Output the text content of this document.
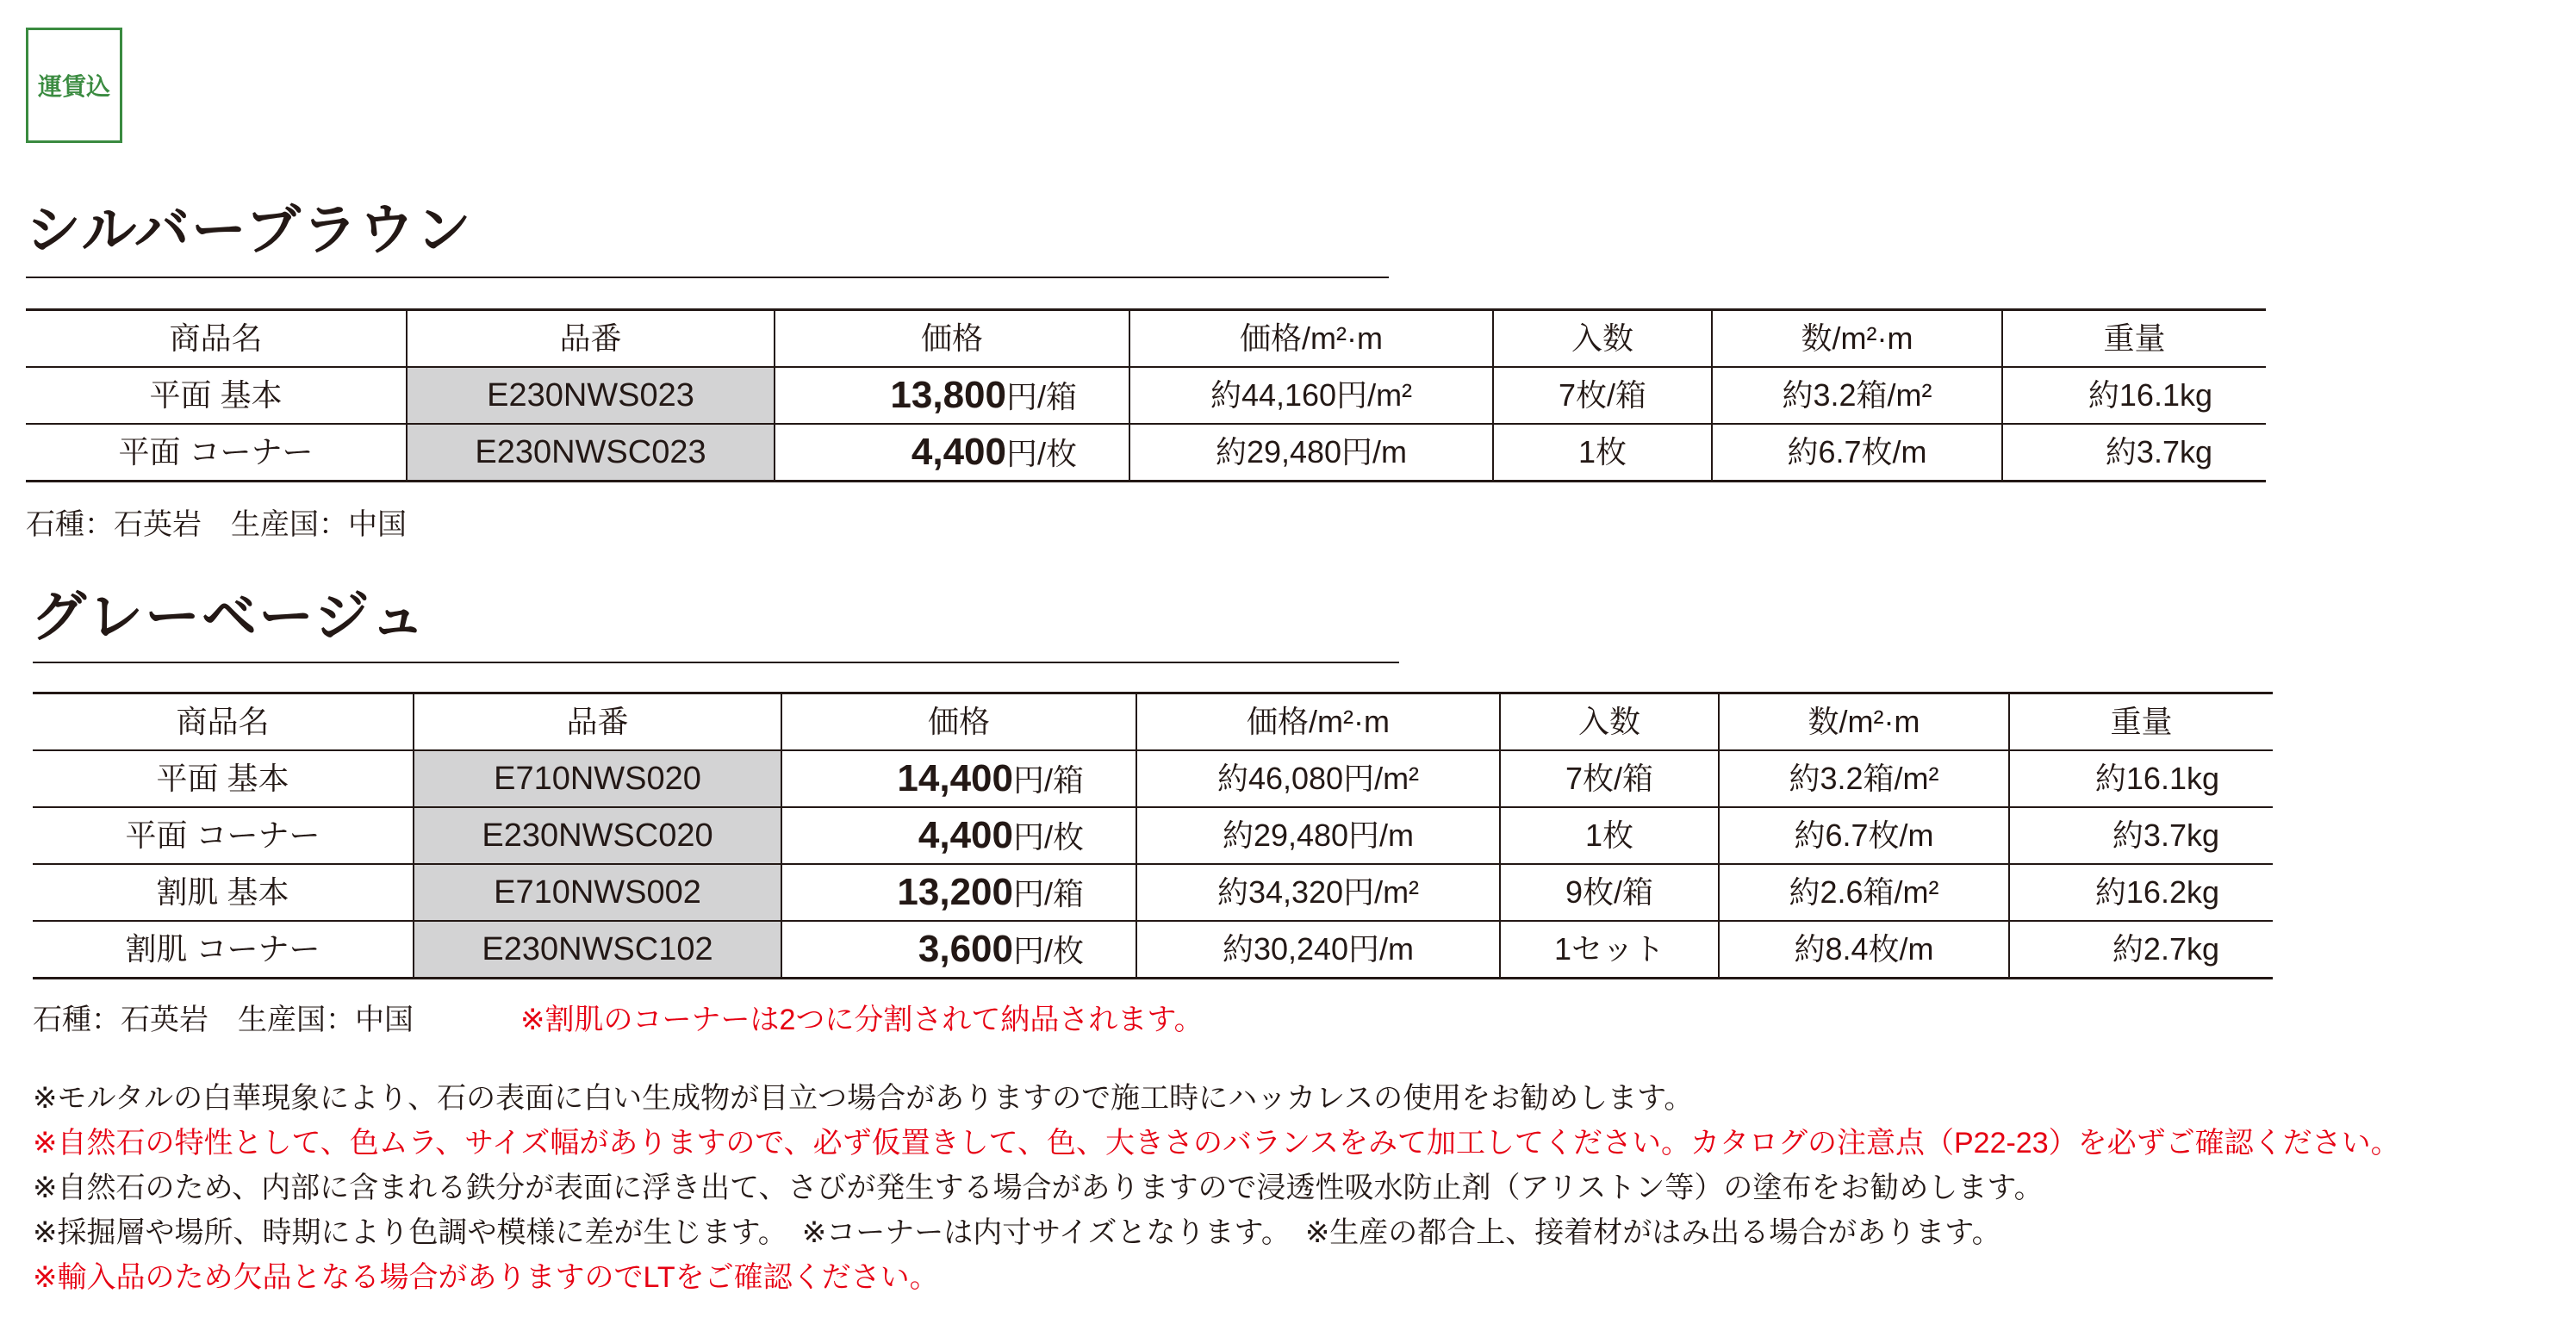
運賃込
シルバーブラウン
商品名	品番	価格	価格/m²·m	入数	数/m²·m	重量
平面 基本	E230NWS023	13,800円/箱	約44,160円/m²	7枚/箱	約3.2箱/m²	約16.1kg
平面 コーナー	E230NWSC023	4,400円/枚	約29,480円/m	1枚	約6.7枚/m	約3.7kg
石種：石英岩　生産国：中国
グレーベージュ
商品名	品番	価格	価格/m²·m	入数	数/m²·m	重量
平面 基本	E710NWS020	14,400円/箱	約46,080円/m²	7枚/箱	約3.2箱/m²	約16.1kg
平面 コーナー	E230NWSC020	4,400円/枚	約29,480円/m	1枚	約6.7枚/m	約3.7kg
割肌 基本	E710NWS002	13,200円/箱	約34,320円/m²	9枚/箱	約2.6箱/m²	約16.2kg
割肌 コーナー	E230NWSC102	3,600円/枚	約30,240円/m	1セット	約8.4枚/m	約2.7kg
石種：石英岩　生産国：中国	※割肌のコーナーは2つに分割されて納品されます。
※モルタルの白華現象により、石の表面に白い生成物が目立つ場合がありますので施工時にハッカレスの使用をお勧めします。
※自然石の特性として、色ムラ、サイズ幅がありますので、必ず仮置きして、色、大きさのバランスをみて加工してください。カタログの注意点（P22-23）を必ずご確認ください。
※自然石のため、内部に含まれる鉄分が表面に浮き出て、さびが発生する場合がありますので浸透性吸水防止剤（アリストン等）の塗布をお勧めします。
※採掘層や場所、時期により色調や模様に差が生じます。　※コーナーは内寸サイズとなります。　※生産の都合上、接着材がはみ出る場合があります。
※輸入品のため欠品となる場合がありますのでLTをご確認ください。
